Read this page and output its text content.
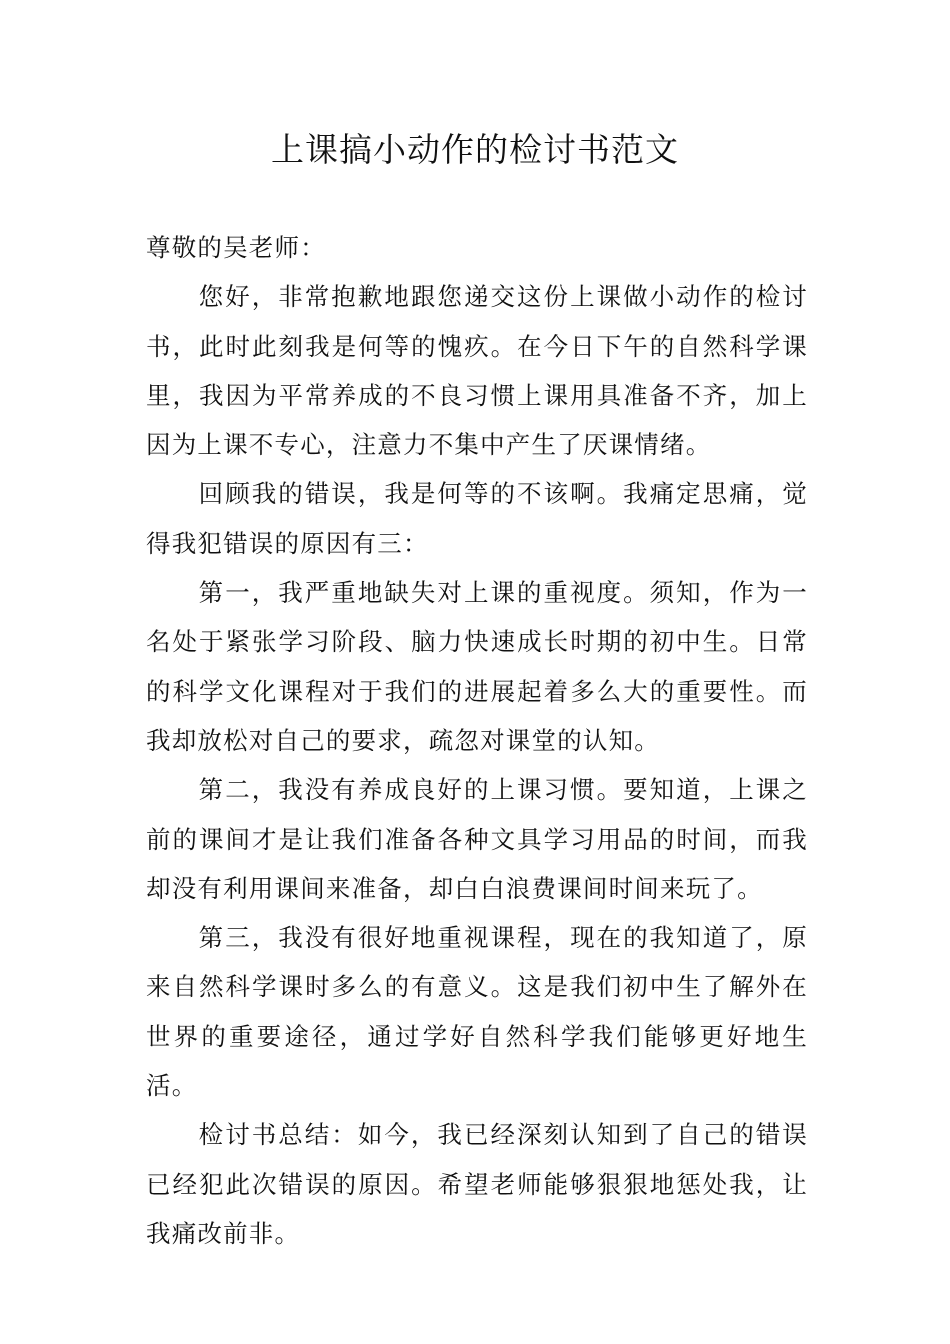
上课搞小动作的检讨书范文

尊敬的吴老师：

您好，非常抱歉地跟您递交这份上课做小动作的检讨书，此时此刻我是何等的愧疚。在今日下午的自然科学课里，我因为平常养成的不良习惯上课用具准备不齐，加上因为上课不专心，注意力不集中产生了厌课情绪。

回顾我的错误，我是何等的不该啊。我痛定思痛，觉得我犯错误的原因有三：

第一，我严重地缺失对上课的重视度。须知，作为一名处于紧张学习阶段、脑力快速成长时期的初中生。日常的科学文化课程对于我们的进展起着多么大的重要性。而我却放松对自己的要求，疏忽对课堂的认知。

第二，我没有养成良好的上课习惯。要知道，上课之前的课间才是让我们准备各种文具学习用品的时间，而我却没有利用课间来准备，却白白浪费课间时间来玩了。

第三，我没有很好地重视课程，现在的我知道了，原来自然科学课时多么的有意义。这是我们初中生了解外在世界的重要途径，通过学好自然科学我们能够更好地生活。

检讨书总结：如今，我已经深刻认知到了自己的错误已经犯此次错误的原因。希望老师能够狠狠地惩处我，让我痛改前非。
